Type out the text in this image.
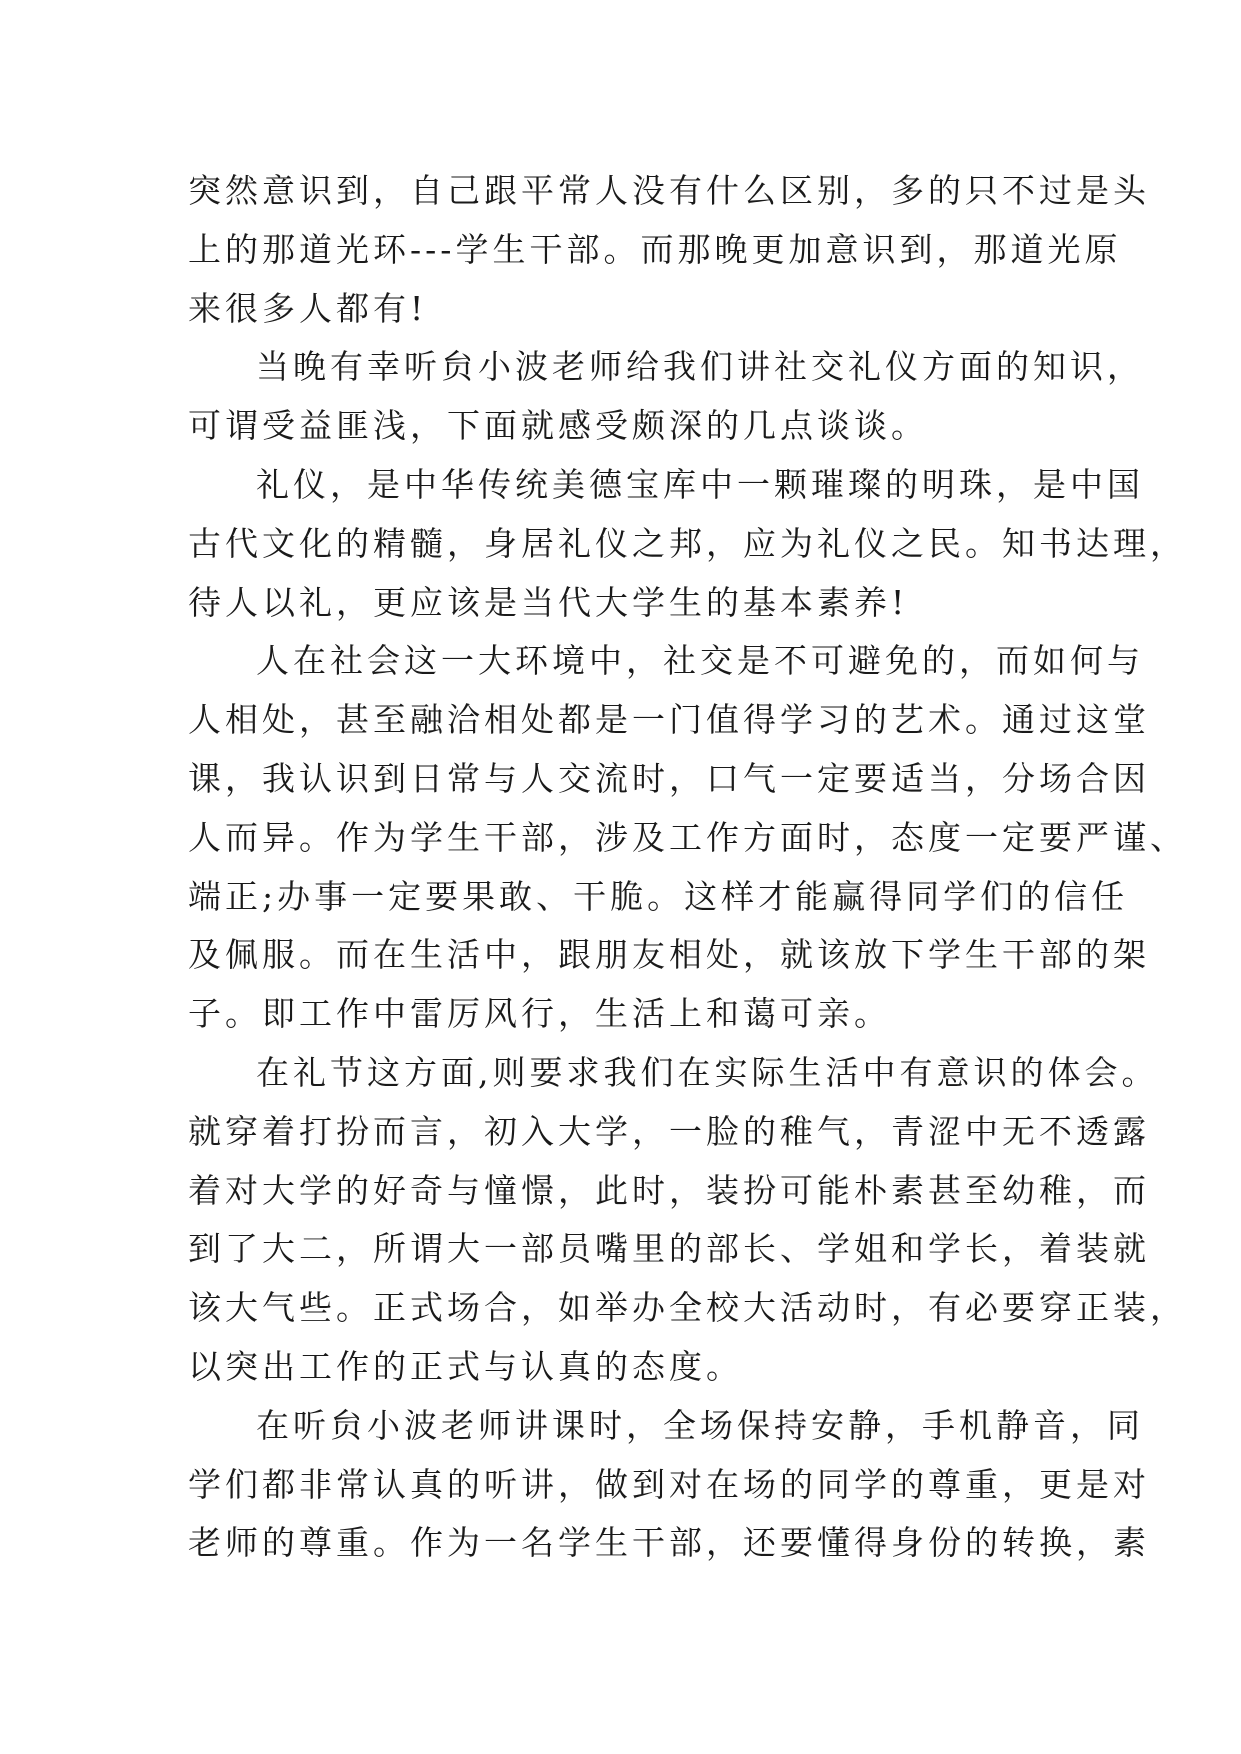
突然意识到，自己跟平常人没有什么区别，多的只不过是头
上的那道光环---学生干部。而那晚更加意识到，那道光原
来很多人都有!
当晚有幸听贠小波老师给我们讲社交礼仪方面的知识，
可谓受益匪浅，下面就感受颇深的几点谈谈。
礼仪，是中华传统美德宝库中一颗璀璨的明珠，是中国
古代文化的精髓，身居礼仪之邦，应为礼仪之民。知书达理，
待人以礼，更应该是当代大学生的基本素养!
人在社会这一大环境中，社交是不可避免的，而如何与
人相处，甚至融洽相处都是一门值得学习的艺术。通过这堂
课，我认识到日常与人交流时，口气一定要适当，分场合因
人而异。作为学生干部，涉及工作方面时，态度一定要严谨、
端正;办事一定要果敢、干脆。这样才能赢得同学们的信任
及佩服。而在生活中，跟朋友相处，就该放下学生干部的架
子。即工作中雷厉风行，生活上和蔼可亲。
在礼节这方面,则要求我们在实际生活中有意识的体会。
就穿着打扮而言，初入大学，一脸的稚气，青涩中无不透露
着对大学的好奇与憧憬，此时，装扮可能朴素甚至幼稚，而
到了大二，所谓大一部员嘴里的部长、学姐和学长，着装就
该大气些。正式场合，如举办全校大活动时，有必要穿正装，
以突出工作的正式与认真的态度。
在听贠小波老师讲课时，全场保持安静，手机静音，同
学们都非常认真的听讲，做到对在场的同学的尊重，更是对
老师的尊重。作为一名学生干部，还要懂得身份的转换，素
